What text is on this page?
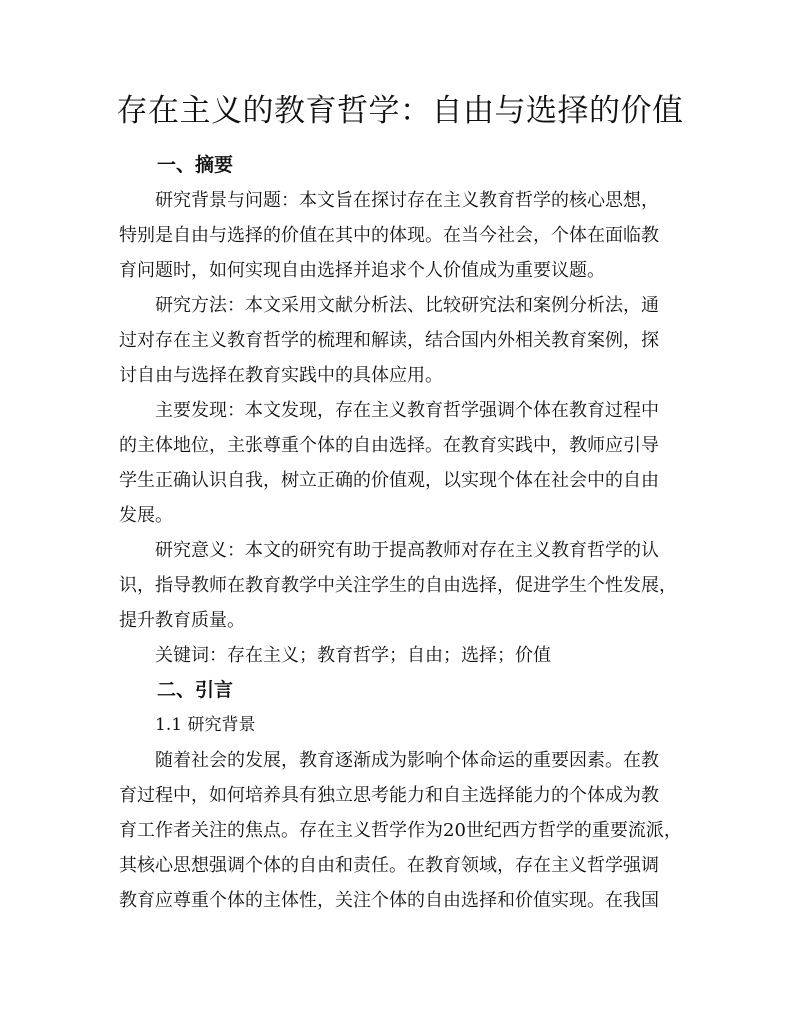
存在主义的教育哲学：自由与选择的价值
一、摘要
研究背景与问题：本文旨在探讨存在主义教育哲学的核心思想，
特别是自由与选择的价值在其中的体现。在当今社会，个体在面临教
育问题时，如何实现自由选择并追求个人价值成为重要议题。
研究方法：本文采用文献分析法、比较研究法和案例分析法，通
过对存在主义教育哲学的梳理和解读，结合国内外相关教育案例，探
讨自由与选择在教育实践中的具体应用。
主要发现：本文发现，存在主义教育哲学强调个体在教育过程中
的主体地位，主张尊重个体的自由选择。在教育实践中，教师应引导
学生正确认识自我，树立正确的价值观，以实现个体在社会中的自由
发展。
研究意义：本文的研究有助于提高教师对存在主义教育哲学的认
识，指导教师在教育教学中关注学生的自由选择，促进学生个性发展，
提升教育质量。
关键词：存在主义；教育哲学；自由；选择；价值
二、引言
1.1 研究背景
随着社会的发展，教育逐渐成为影响个体命运的重要因素。在教
育过程中，如何培养具有独立思考能力和自主选择能力的个体成为教
育工作者关注的焦点。存在主义哲学作为20世纪西方哲学的重要流派，
其核心思想强调个体的自由和责任。在教育领域，存在主义哲学强调
教育应尊重个体的主体性，关注个体的自由选择和价值实现。在我国
